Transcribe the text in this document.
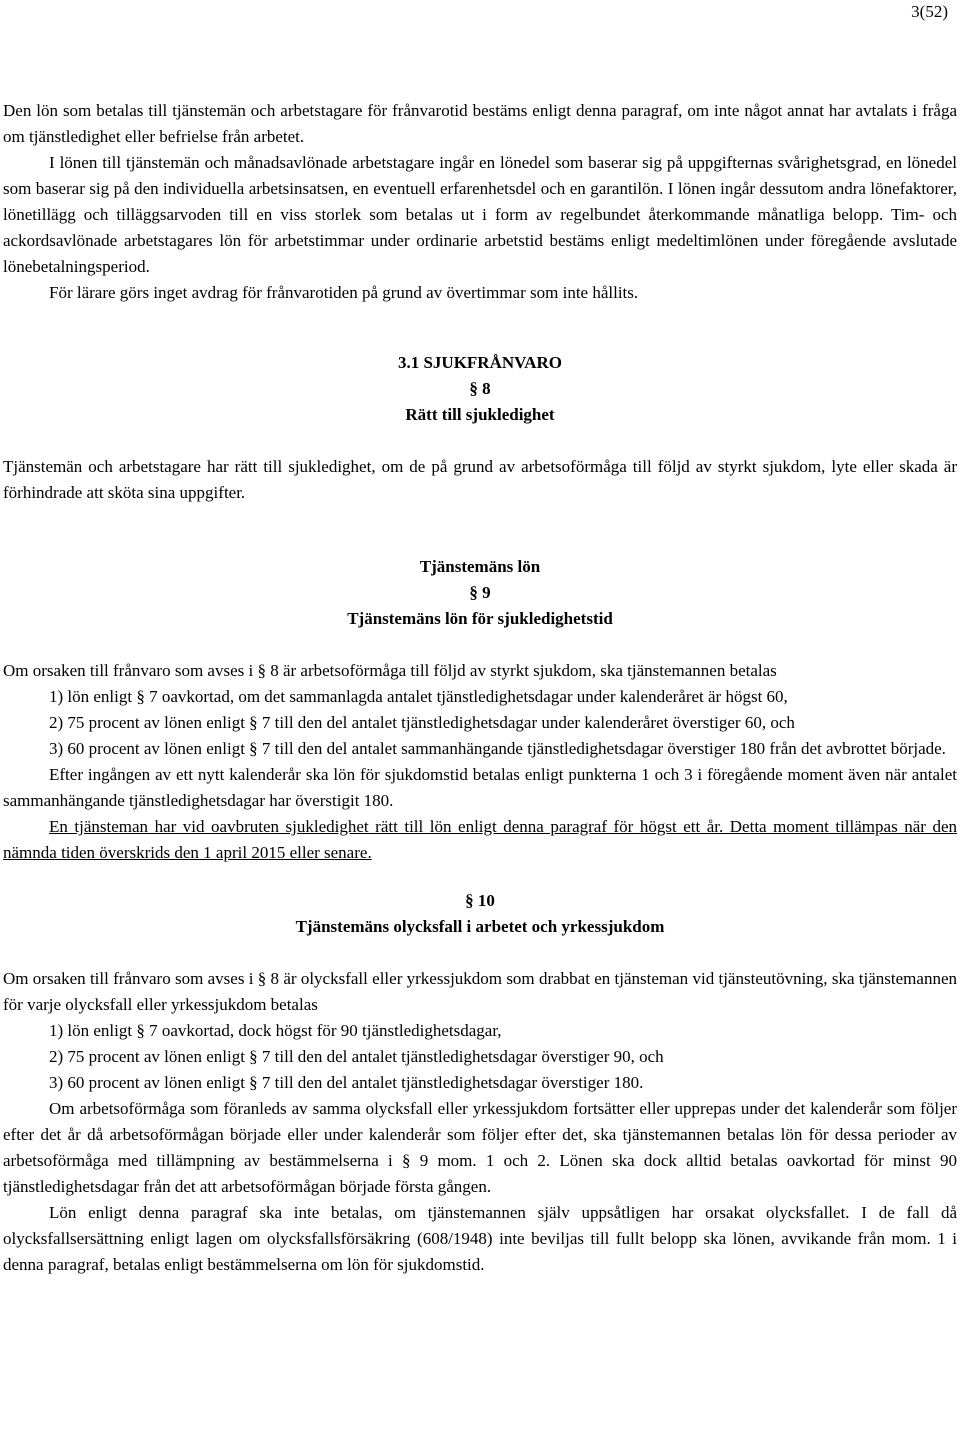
3(52)

Den lön som betalas till tjänstemän och arbetstagare för frånvarotid bestäms enligt denna paragraf, om inte något annat har avtalats i fråga om tjänstledighet eller befrielse från arbetet.

I lönen till tjänstemän och månadsavlönade arbetstagare ingår en lönedel som baserar sig på uppgifternas svårighetsgrad, en lönedel som baserar sig på den individuella arbetsinsatsen, en eventuell erfarenhetsdel och en garantilön. I lönen ingår dessutom andra lönefaktorer, lönetillägg och tilläggsarvoden till en viss storlek som betalas ut i form av regelbundet återkommande månatliga belopp. Tim- och ackordsavlönade arbetstagares lön för arbetstimmar under ordinarie arbetstid bestäms enligt medeltimlönen under föregående avslutade lönebetalningsperiod.

För lärare görs inget avdrag för frånvarotiden på grund av övertimmar som inte hållits.

3.1 SJUKFRÅNVARO

§ 8

Rätt till sjukledighet

Tjänstemän och arbetstagare har rätt till sjukledighet, om de på grund av arbetsoförmåga till följd av styrkt sjukdom, lyte eller skada är förhindrade att sköta sina uppgifter.

Tjänstemäns lön

§ 9

Tjänstemäns lön för sjukledighetstid

Om orsaken till frånvaro som avses i § 8 är arbetsoförmåga till följd av styrkt sjukdom, ska tjänstemannen betalas

1) lön enligt § 7 oavkortad, om det sammanlagda antalet tjänstledighetsdagar under kalenderåret är högst 60,

2) 75 procent av lönen enligt § 7 till den del antalet tjänstledighetsdagar under kalenderåret överstiger 60, och

3) 60 procent av lönen enligt § 7 till den del antalet sammanhängande tjänstledighetsdagar överstiger 180 från det avbrottet började.

Efter ingången av ett nytt kalenderår ska lön för sjukdomstid betalas enligt punkterna 1 och 3 i föregående moment även när antalet sammanhängande tjänstledighetsdagar har överstigit 180.

En tjänsteman har vid oavbruten sjukledighet rätt till lön enligt denna paragraf för högst ett år. Detta moment tillämpas när den nämnda tiden överskrids den 1 april 2015 eller senare.

§ 10

Tjänstemäns olycksfall i arbetet och yrkessjukdom

Om orsaken till frånvaro som avses i § 8 är olycksfall eller yrkessjukdom som drabbat en tjänsteman vid tjänsteutövning, ska tjänstemannen för varje olycksfall eller yrkessjukdom betalas

1) lön enligt § 7 oavkortad, dock högst för 90 tjänstledighetsdagar,

2) 75 procent av lönen enligt § 7 till den del antalet tjänstledighetsdagar överstiger 90, och

3) 60 procent av lönen enligt § 7 till den del antalet tjänstledighetsdagar överstiger 180.

Om arbetsoförmåga som föranleds av samma olycksfall eller yrkessjukdom fortsätter eller upprepas under det kalenderår som följer efter det år då arbetsoförmågan började eller under kalenderår som följer efter det, ska tjänstemannen betalas lön för dessa perioder av arbetsoförmåga med tillämpning av bestämmelserna i § 9 mom. 1 och 2. Lönen ska dock alltid betalas oavkortad för minst 90 tjänstledighetsdagar från det att arbetsoförmågan började första gången.

Lön enligt denna paragraf ska inte betalas, om tjänstemannen själv uppsåtligen har orsakat olycksfallet. I de fall då olycksfallsersättning enligt lagen om olycksfallsförsäkring (608/1948) inte beviljas till fullt belopp ska lönen, avvikande från mom. 1 i denna paragraf, betalas enligt bestämmelserna om lön för sjukdomstid.
